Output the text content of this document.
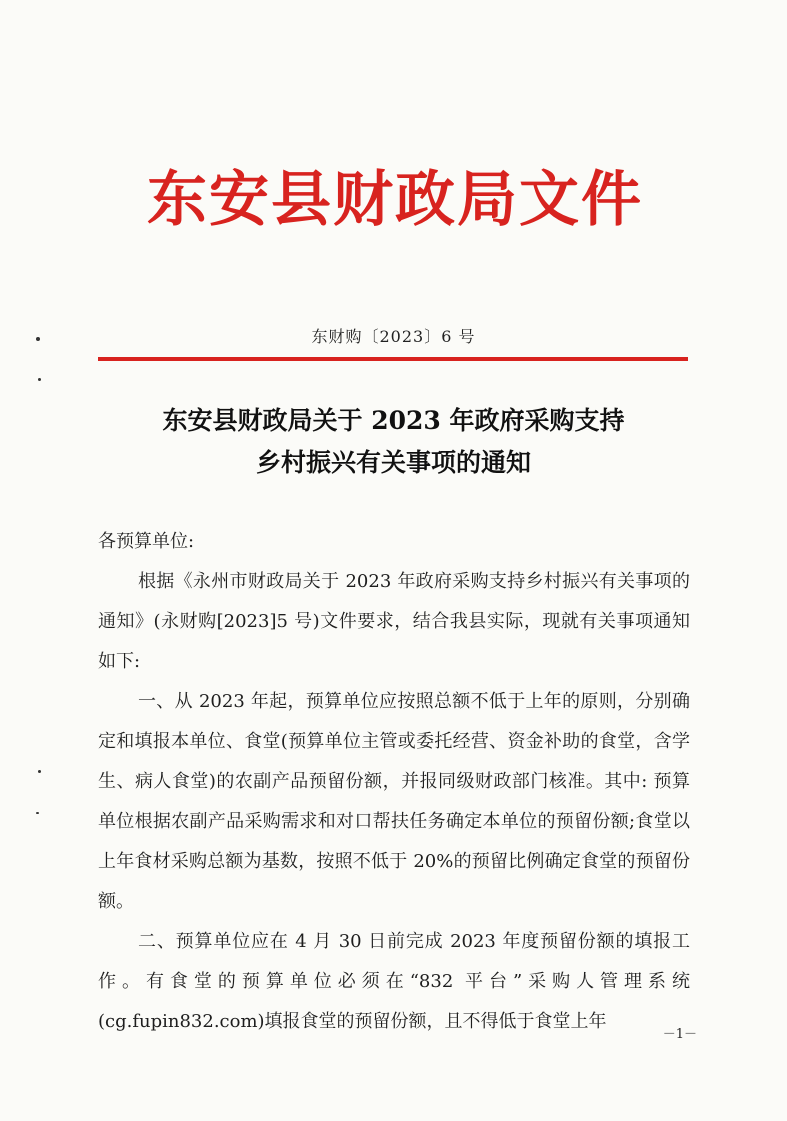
东安县财政局文件
东财购〔2023〕6 号
东安县财政局关于 2023 年政府采购支持
乡村振兴有关事项的通知

各预算单位:

根据《永州市财政局关于 2023 年政府采购支持乡村振兴有关事项的通知》(永财购[2023]5 号)文件要求，结合我县实际，现就有关事项通知如下:

一、从 2023 年起，预算单位应按照总额不低于上年的原则，分别确定和填报本单位、食堂(预算单位主管或委托经营、资金补助的食堂，含学生、病人食堂)的农副产品预留份额，并报同级财政部门核准。其中: 预算单位根据农副产品采购需求和对口帮扶任务确定本单位的预留份额;食堂以上年食材采购总额为基数，按照不低于 20%的预留比例确定食堂的预留份额。

二、预算单位应在 4 月 30 日前完成 2023 年度预留份额的填报工作。有食堂的预算单位必须在“832 平台”采购人管理系统(cg.fupin832.com)填报食堂的预留份额，且不得低于食堂上年

－1－
